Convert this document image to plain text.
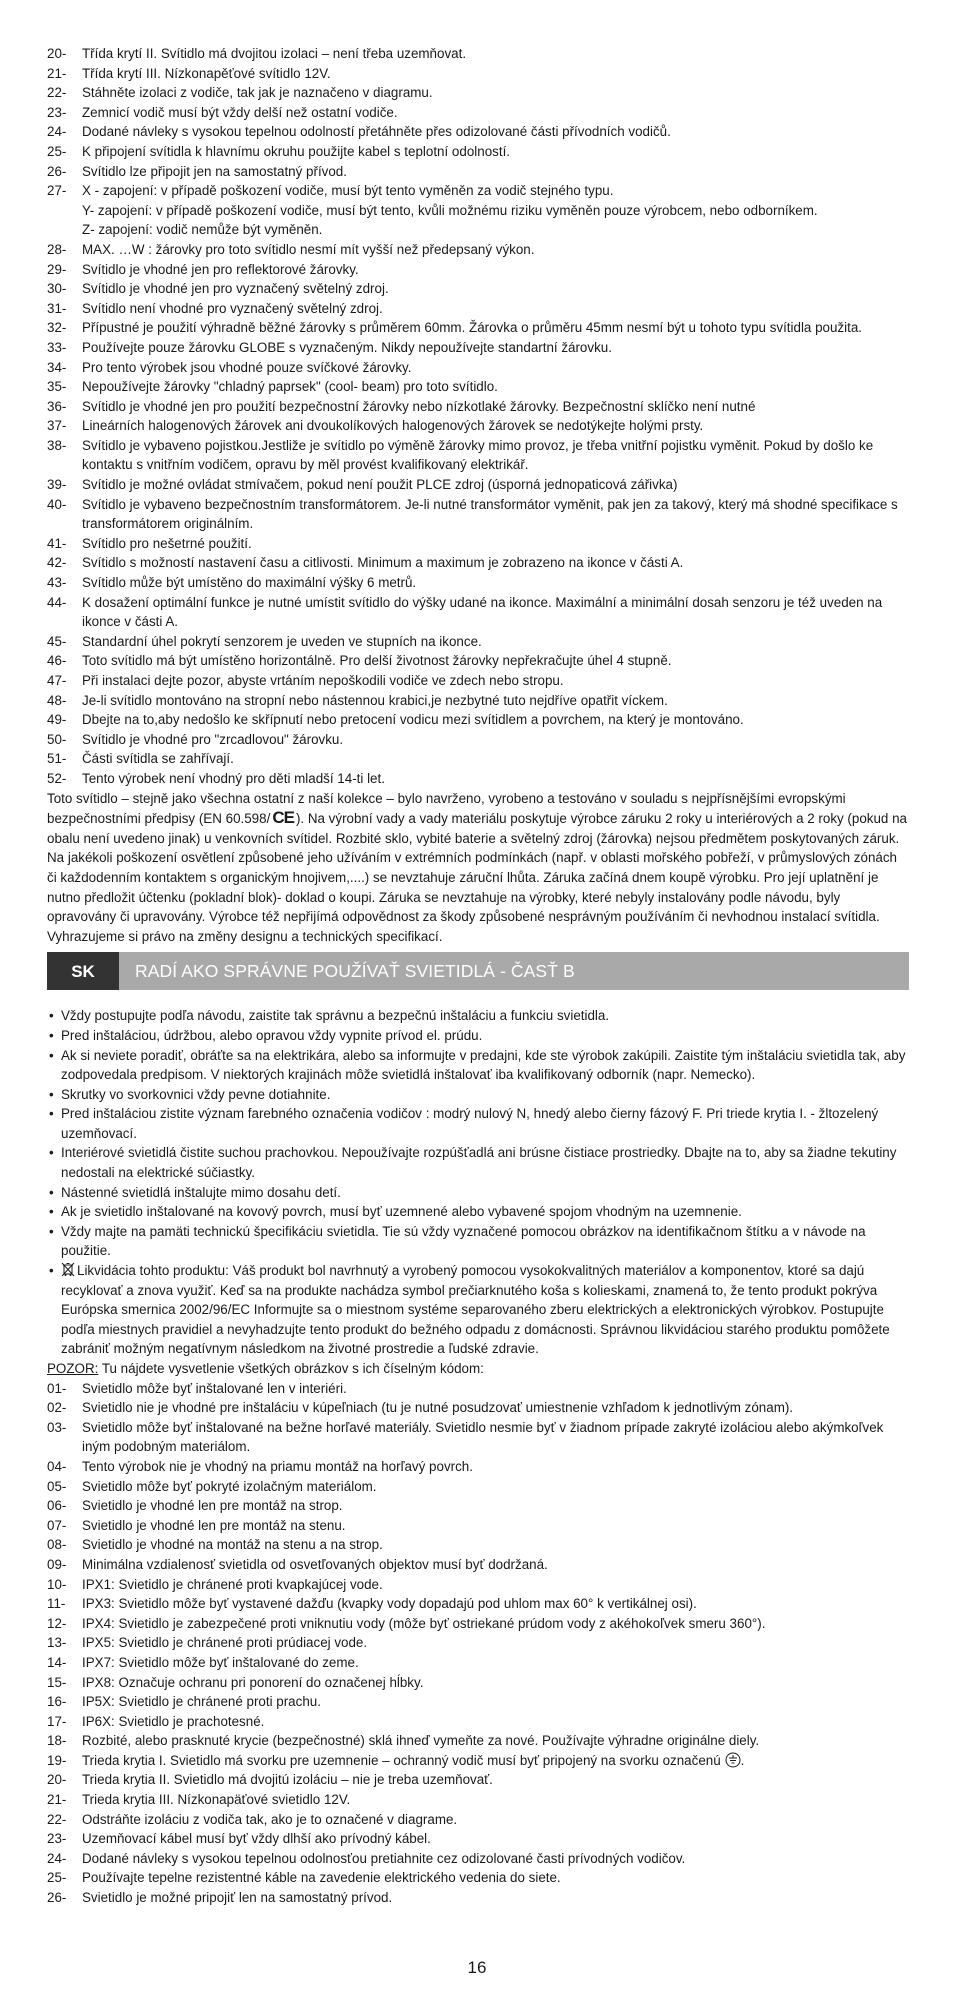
20- Třída krytí II. Svítidlo má dvojitou izolaci – není třeba uzemňovat.
21- Třída krytí III. Nízkonapěťové svítidlo 12V.
22- Stáhněte izolaci z vodiče, tak jak je naznačeno v diagramu.
23- Zemnicí vodič musí být vždy delší než ostatní vodiče.
24- Dodané návleky s vysokou tepelnou odolností přetáhněte přes odizolované části přívodních vodičů.
25- K připojení svítidla k hlavnímu okruhu použijte kabel s teplotní odolností.
26- Svítidlo lze připojit jen na samostatný přívod.
27- X - zapojení: v případě poškození vodiče, musí být tento vyměněn za vodič stejného typu.
Y- zapojení: v případě poškození vodiče, musí být tento, kvůli možnému riziku vyměněn pouze výrobcem, nebo odborníkem.
Z- zapojení: vodič nemůže být vyměněn.
28- MAX. …W : žárovky pro toto svítidlo nesmí mít vyšší než předepsaný výkon.
29- Svítidlo je vhodné jen pro reflektorové žárovky.
30- Svítidlo je vhodné jen pro vyznačený světelný zdroj.
31- Svítidlo není vhodné pro vyznačený světelný zdroj.
32- Přípustné je použití výhradně běžné žárovky s průměrem 60mm. Žárovka o průměru 45mm nesmí být u tohoto typu svítidla použita.
33- Používejte pouze žárovku GLOBE s vyznačeným. Nikdy nepoužívejte standartní žárovku.
34- Pro tento výrobek jsou vhodné pouze svíčkové žárovky.
35- Nepoužívejte žárovky "chladný paprsek" (cool- beam) pro toto svítidlo.
36- Svítidlo je vhodné jen pro použití bezpečnostní žárovky nebo nízkotlaké žárovky. Bezpečnostní sklíčko není nutné
37- Lineárních halogenových žárovek ani dvoukolíkových halogenových žárovek se nedotýkejte holými prsty.
38- Svítidlo je vybaveno pojistkou.Jestliže je svítidlo po výměně žárovky mimo provoz, je třeba vnitřní pojistku vyměnit. Pokud by došlo ke kontaktu s vnitřním vodičem, opravu by měl provést kvalifikovaný elektrikář.
39- Svítidlo je možné ovládat stmívačem, pokud není použit PLCE zdroj (úsporná jednopaticová zářivka)
40- Svítidlo je vybaveno bezpečnostním transformátorem. Je-li nutné transformátor vyměnit, pak jen za takový, který má shodné specifikace s transformátorem originálním.
41- Svítidlo pro nešetrné použití.
42- Svítidlo s možností nastavení času a citlivosti. Minimum a maximum je zobrazeno na ikonce v části A.
43- Svítidlo může být umístěno do maximální výšky 6 metrů.
44- K dosažení optimální funkce je nutné umístit svítidlo do výšky udané na ikonce. Maximální a minimální dosah senzoru je též uveden na ikonce v části A.
45- Standardní úhel pokrytí senzorem je uveden ve stupních na ikonce.
46- Toto svítidlo má být umístěno horizontálně. Pro delší životnost žárovky nepřekračujte úhel 4 stupně.
47- Při instalaci dejte pozor, abyste vrtáním nepoškodili vodiče ve zdech nebo stropu.
48- Je-li svítidlo montováno na stropní nebo nástennou krabici,je nezbytné tuto nejdříve opatřit víckem.
49- Dbejte na to,aby nedošlo ke skřípnutí nebo pretocení vodicu mezi svítidlem a povrchem, na který je montováno.
50- Svítidlo je vhodné pro "zrcadlovou" žárovku.
51- Části svítidla se zahřívají.
52- Tento výrobek není vhodný pro děti mladší 14-ti let.

Toto svítidlo – stejně jako všechna ostatní z naší kolekce – bylo navrženo, vyrobeno a testováno v souladu s nejpřísnějšími evropskými bezpečnostními předpisy (EN 60.598/ CE ). Na výrobní vady a vady materiálu poskytuje výrobce záruku 2 roky u interiérových a 2 roky (pokud na obalu není uvedeno jinak) u venkovních svítidel. Rozbité sklo, vybité baterie a světelný zdroj (žárovka) nejsou předmětem poskytovaných záruk. Na jakékoli poškození osvětlení způsobené jeho užíváním v extrémních podmínkách (např. v oblasti mořského pobřeží, v průmyslových zónách či každodenním kontaktem s organickým hnojivem,....) se nevztahuje záruční lhůta. Záruka začíná dnem koupě výrobku. Pro její uplatnění je nutno předložit účtenku (pokladní blok)- doklad o koupi. Záruka se nevztahuje na výrobky, které nebyly instalovány podle návodu, byly opravovány či upravovány. Výrobce též nepřijímá odpovědnost za škody způsobené nesprávným používáním či nevhodnou instalací svítidla.

Vyhrazujeme si právo na změny designu a technických specifikací.

SK	RADÍ AKO SPRÁVNE POUŽÍVAŤ SVIETIDLÁ - ČASŤ B
• Vždy postupujte podľa návodu, zaistite tak správnu a bezpečnú inštaláciu a funkciu svietidla.
• Pred inštaláciou, údržbou, alebo opravou vždy vypnite prívod el. prúdu.
• Ak si neviete poradiť, obráťte sa na elektrikára, alebo sa informujte v predajni, kde ste výrobok zakúpili. Zaistite tým inštaláciu svietidla tak, aby zodpovedala predpisom. V niektorých krajinách môže svietidlá inštalovať iba kvalifikovaný odborník (napr. Nemecko).
• Skrutky vo svorkovnici vždy pevne dotiahnite.
• Pred inštaláciou zistite význam farebného označenia vodičov : modrý nulový N, hnedý alebo čierny fázový F. Pri triede krytia I. - žltozelený uzemňovací.
• Interiérové svietidlá čistite suchou prachovkou. Nepoužívajte rozpúšťadlá ani brúsne čistiace prostriedky. Dbajte na to, aby sa žiadne tekutiny nedostali na elektrické súčiastky.
• Nástenné svietidlá inštalujte mimo dosahu detí.
• Ak je svietidlo inštalované na kovový povrch, musí byť uzemnené alebo vybavené spojom vhodným na uzemnenie.
• Vždy majte na pamäti technickú špecifikáciu svietidla. Tie sú vždy vyznačené pomocou obrázkov na identifikačnom štítku a v návode na použitie.
• Likvidácia tohto produktu: Váš produkt bol navrhnutý a vyrobený pomocou vysokokvalitných materiálov a komponentov, ktoré sa dajú recyklovať a znova využiť. Keď sa na produkte nachádza symbol prečiarknutého koša s kolieskami, znamená to, že tento produkt pokrýva Európska smernica 2002/96/EC Informujte sa o miestnom systéme separovaného zberu elektrických a elektronických výrobkov. Postupujte podľa miestnych pravidiel a nevyhadzujte tento produkt do bežného odpadu z domácnosti. Správnou likvidáciou starého produktu pomôžete zabrániť možným negatívnym následkom na životné prostredie a ľudské zdravie.
POZOR: Tu nájdete vysvetlenie všetkých obrázkov s ich číselným kódom:
01- Svietidlo môže byť inštalované len v interiéri.
02- Svietidlo nie je vhodné pre inštaláciu v kúpeľniach (tu je nutné posudzovať umiestnenie vzhľadom k jednotlivým zónam).
03- Svietidlo môže byť inštalované na bežne horľavé materiály. Svietidlo nesmie byť v žiadnom prípade zakryté izoláciou alebo akýmkoľvek iným podobným materiálom.
04- Tento výrobok nie je vhodný na priamu montáž na horľavý povrch.
05- Svietidlo môže byť pokryté izolačným materiálom.
06- Svietidlo je vhodné len pre montáž na strop.
07- Svietidlo je vhodné len pre montáž na stenu.
08- Svietidlo je vhodné na montáž na stenu a na strop.
09- Minimálna vzdialenosť svietidla od osvetľovaných objektov musí byť dodržaná.
10- IPX1: Svietidlo je chránené proti kvapkajúcej vode.
11- IPX3: Svietidlo môže byť vystavené dažďu (kvapky vody dopadajú pod uhlom max 60° k vertikálnej osi).
12- IPX4: Svietidlo je zabezpečené proti vniknutiu vody (môže byť ostriekané prúdom vody z akéhokoľvek smeru 360°).
13- IPX5: Svietidlo je chránené proti prúdiacej vode.
14- IPX7: Svietidlo môže byť inštalované do zeme.
15- IPX8: Označuje ochranu pri ponorení do označenej hĺbky.
16- IP5X: Svietidlo je chránené proti prachu.
17- IP6X: Svietidlo je prachotesné.
18- Rozbité, alebo prasknuté krycie (bezpečnostné) sklá ihneď vymeňte za nové. Používajte výhradne originálne diely.
19- Trieda krytia I. Svietidlo má svorku pre uzemnenie – ochranný vodič musí byť pripojený na svorku označenú .
20- Trieda krytia II. Svietidlo má dvojitú izoláciu – nie je treba uzemňovať.
21- Trieda krytia III. Nízkonapäťové svietidlo 12V.
22- Odstráňte izoláciu z vodiča tak, ako je to označené v diagrame.
23- Uzemňovací kábel musí byť vždy dlhší ako prívodný kábel.
24- Dodané návleky s vysokou tepelnou odolnosťou pretiahnite cez odizolované časti prívodných vodičov.
25- Používajte tepelne rezistentné káble na zavedenie elektrického vedenia do siete.
26- Svietidlo je možné pripojiť len na samostatný prívod.
16
